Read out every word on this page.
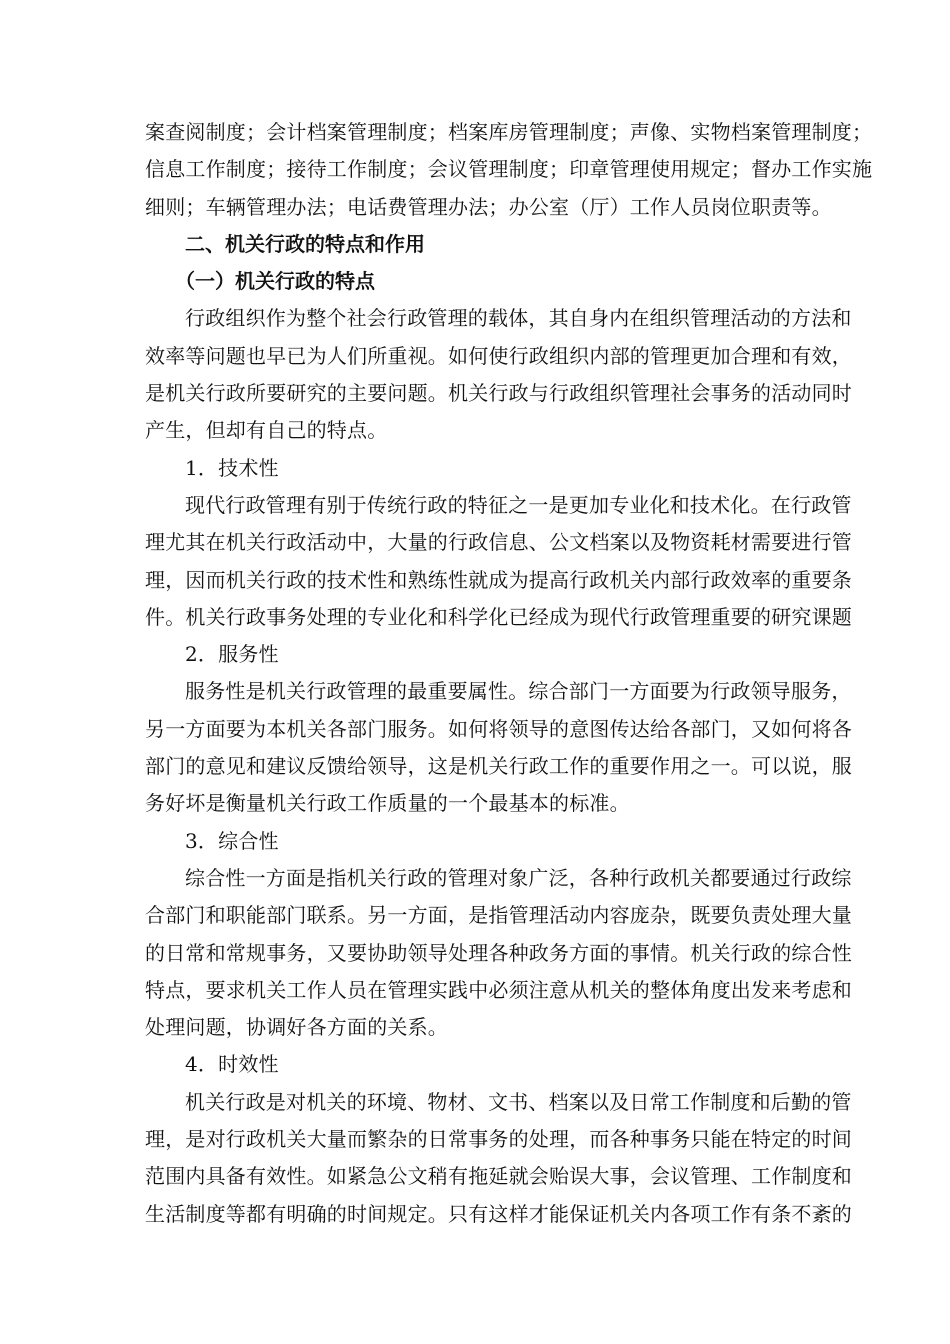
案查阅制度；会计档案管理制度；档案库房管理制度；声像、实物档案管理制度；
信息工作制度；接待工作制度；会议管理制度；印章管理使用规定；督办工作实施
细则；车辆管理办法；电话费管理办法；办公室（厅）工作人员岗位职责等。
二、机关行政的特点和作用
（一）机关行政的特点
行政组织作为整个社会行政管理的载体，其自身内在组织管理活动的方法和
效率等问题也早已为人们所重视。如何使行政组织内部的管理更加合理和有效，
是机关行政所要研究的主要问题。机关行政与行政组织管理社会事务的活动同时
产生，但却有自己的特点。
1．技术性
现代行政管理有别于传统行政的特征之一是更加专业化和技术化。在行政管
理尤其在机关行政活动中，大量的行政信息、公文档案以及物资耗材需要进行管
理，因而机关行政的技术性和熟练性就成为提高行政机关内部行政效率的重要条
件。机关行政事务处理的专业化和科学化已经成为现代行政管理重要的研究课题
2．服务性
服务性是机关行政管理的最重要属性。综合部门一方面要为行政领导服务，
另一方面要为本机关各部门服务。如何将领导的意图传达给各部门，又如何将各
部门的意见和建议反馈给领导，这是机关行政工作的重要作用之一。可以说，服
务好坏是衡量机关行政工作质量的一个最基本的标准。
3．综合性
综合性一方面是指机关行政的管理对象广泛，各种行政机关都要通过行政综
合部门和职能部门联系。另一方面，是指管理活动内容庞杂，既要负责处理大量
的日常和常规事务，又要协助领导处理各种政务方面的事情。机关行政的综合性
特点，要求机关工作人员在管理实践中必须注意从机关的整体角度出发来考虑和
处理问题，协调好各方面的关系。
4．时效性
机关行政是对机关的环境、物材、文书、档案以及日常工作制度和后勤的管
理，是对行政机关大量而繁杂的日常事务的处理，而各种事务只能在特定的时间
范围内具备有效性。如紧急公文稍有拖延就会贻误大事，会议管理、工作制度和
生活制度等都有明确的时间规定。只有这样才能保证机关内各项工作有条不紊的
